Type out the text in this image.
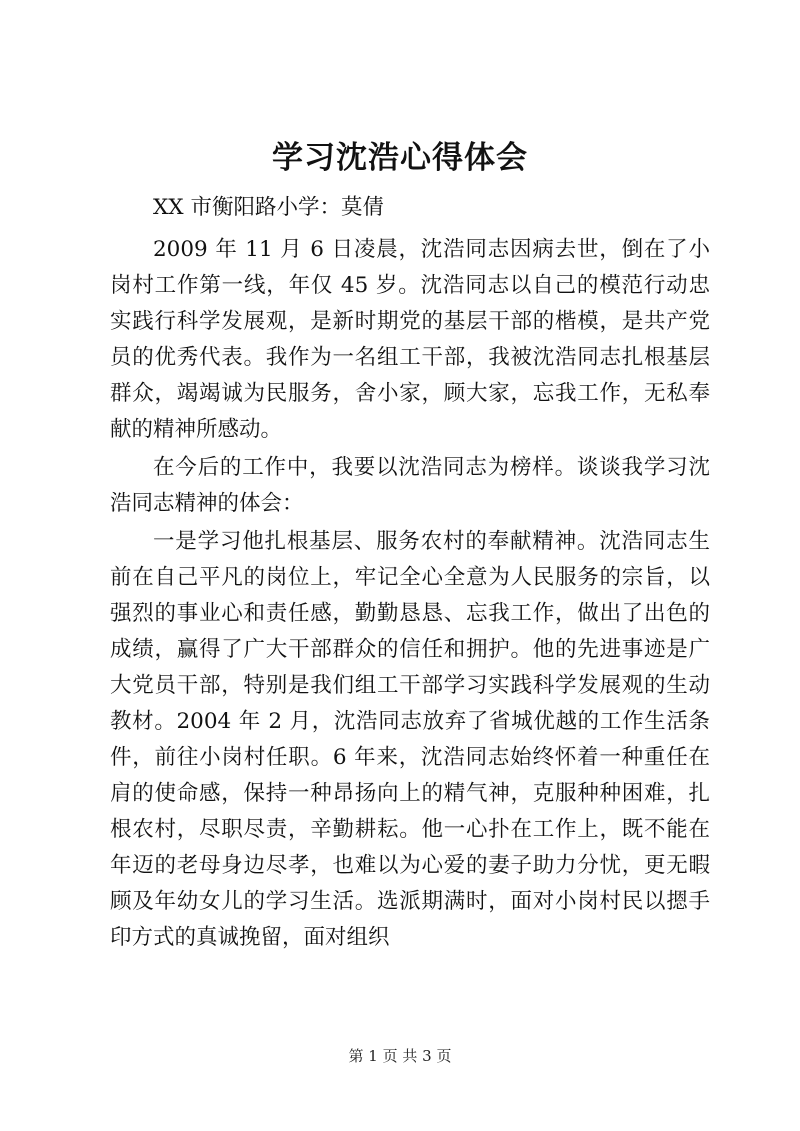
学习沈浩心得体会

XX 市衡阳路小学：莫倩

2009 年 11 月 6 日凌晨，沈浩同志因病去世，倒在了小岗村工作第一线，年仅 45 岁。沈浩同志以自己的模范行动忠实践行科学发展观，是新时期党的基层干部的楷模，是共产党员的优秀代表。我作为一名组工干部，我被沈浩同志扎根基层群众，竭竭诚为民服务，舍小家，顾大家，忘我工作，无私奉献的精神所感动。

在今后的工作中，我要以沈浩同志为榜样。谈谈我学习沈浩同志精神的体会：

一是学习他扎根基层、服务农村的奉献精神。沈浩同志生前在自己平凡的岗位上，牢记全心全意为人民服务的宗旨，以强烈的事业心和责任感，勤勤恳恳、忘我工作，做出了出色的成绩，赢得了广大干部群众的信任和拥护。他的先进事迹是广大党员干部，特别是我们组工干部学习实践科学发展观的生动教材。2004 年 2 月，沈浩同志放弃了省城优越的工作生活条件，前往小岗村任职。6 年来，沈浩同志始终怀着一种重任在肩的使命感，保持一种昂扬向上的精气神，克服种种困难，扎根农村，尽职尽责，辛勤耕耘。他一心扑在工作上，既不能在年迈的老母身边尽孝，也难以为心爱的妻子助力分忧，更无暇顾及年幼女儿的学习生活。选派期满时，面对小岗村民以摁手印方式的真诚挽留，面对组织

第 1 页 共 3 页
